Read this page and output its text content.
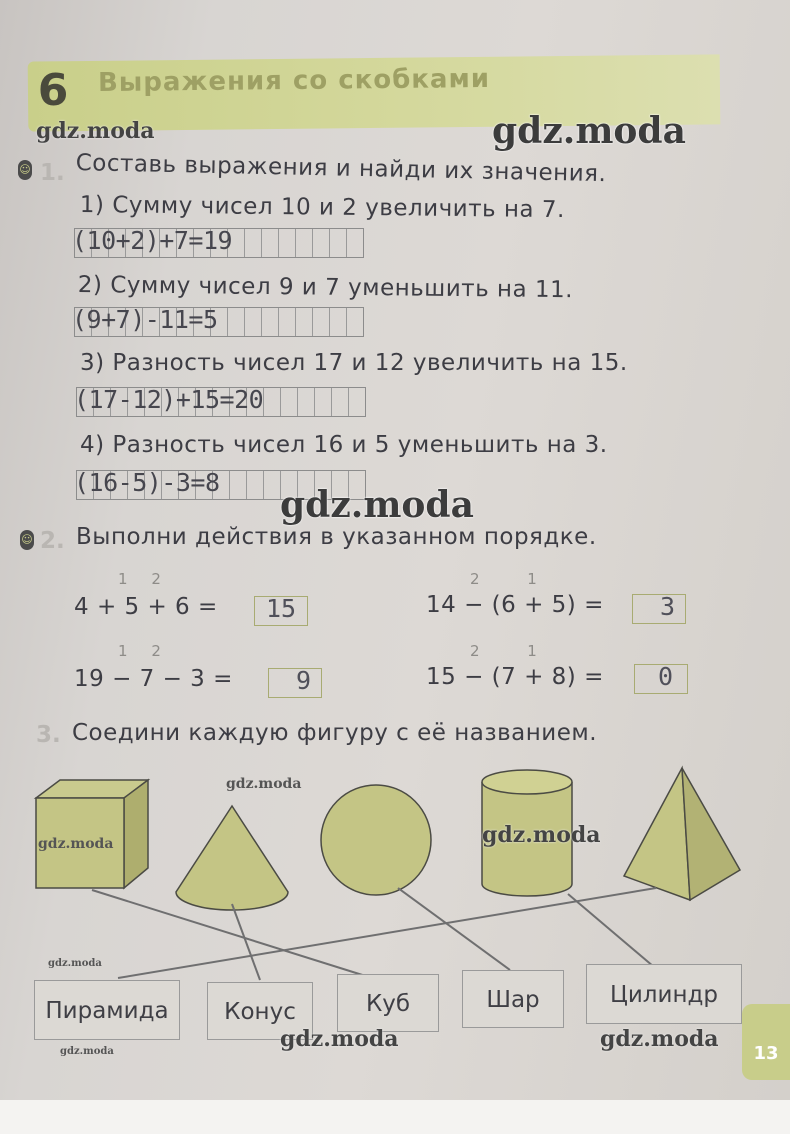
6 Выражения со скобками
☺ 1. Составь выражения и найди их значения.
1) Сумму чисел 10 и 2 увеличить на 7.
(10+2)+7=19
2) Сумму чисел 9 и 7 уменьшить на 11.
(9+7)-11=5
3) Разность чисел 17 и 12 увеличить на 15.
(17-12)+15=20
4) Разность чисел 16 и 5 уменьшить на 3.
(16-5)-3=8
☺ 2. Выполни действия в указанном порядке.
1     2
4 + 5 + 6 = 15
2          1
14 − (6 + 5) = 3
1     2
19 − 7 − 3 =	9
2          1
15 − (7 + 8) = 0
3. Соедини каждую фигуру с её названием.
Пирамида	Конус	Куб	Шар	Цилиндр
13
gdz.moda	gdz.moda
gdz.moda
gdz.moda
gdz.moda	gdz.moda
gdz.moda
gdz.moda	gdz.moda
gdz.moda
